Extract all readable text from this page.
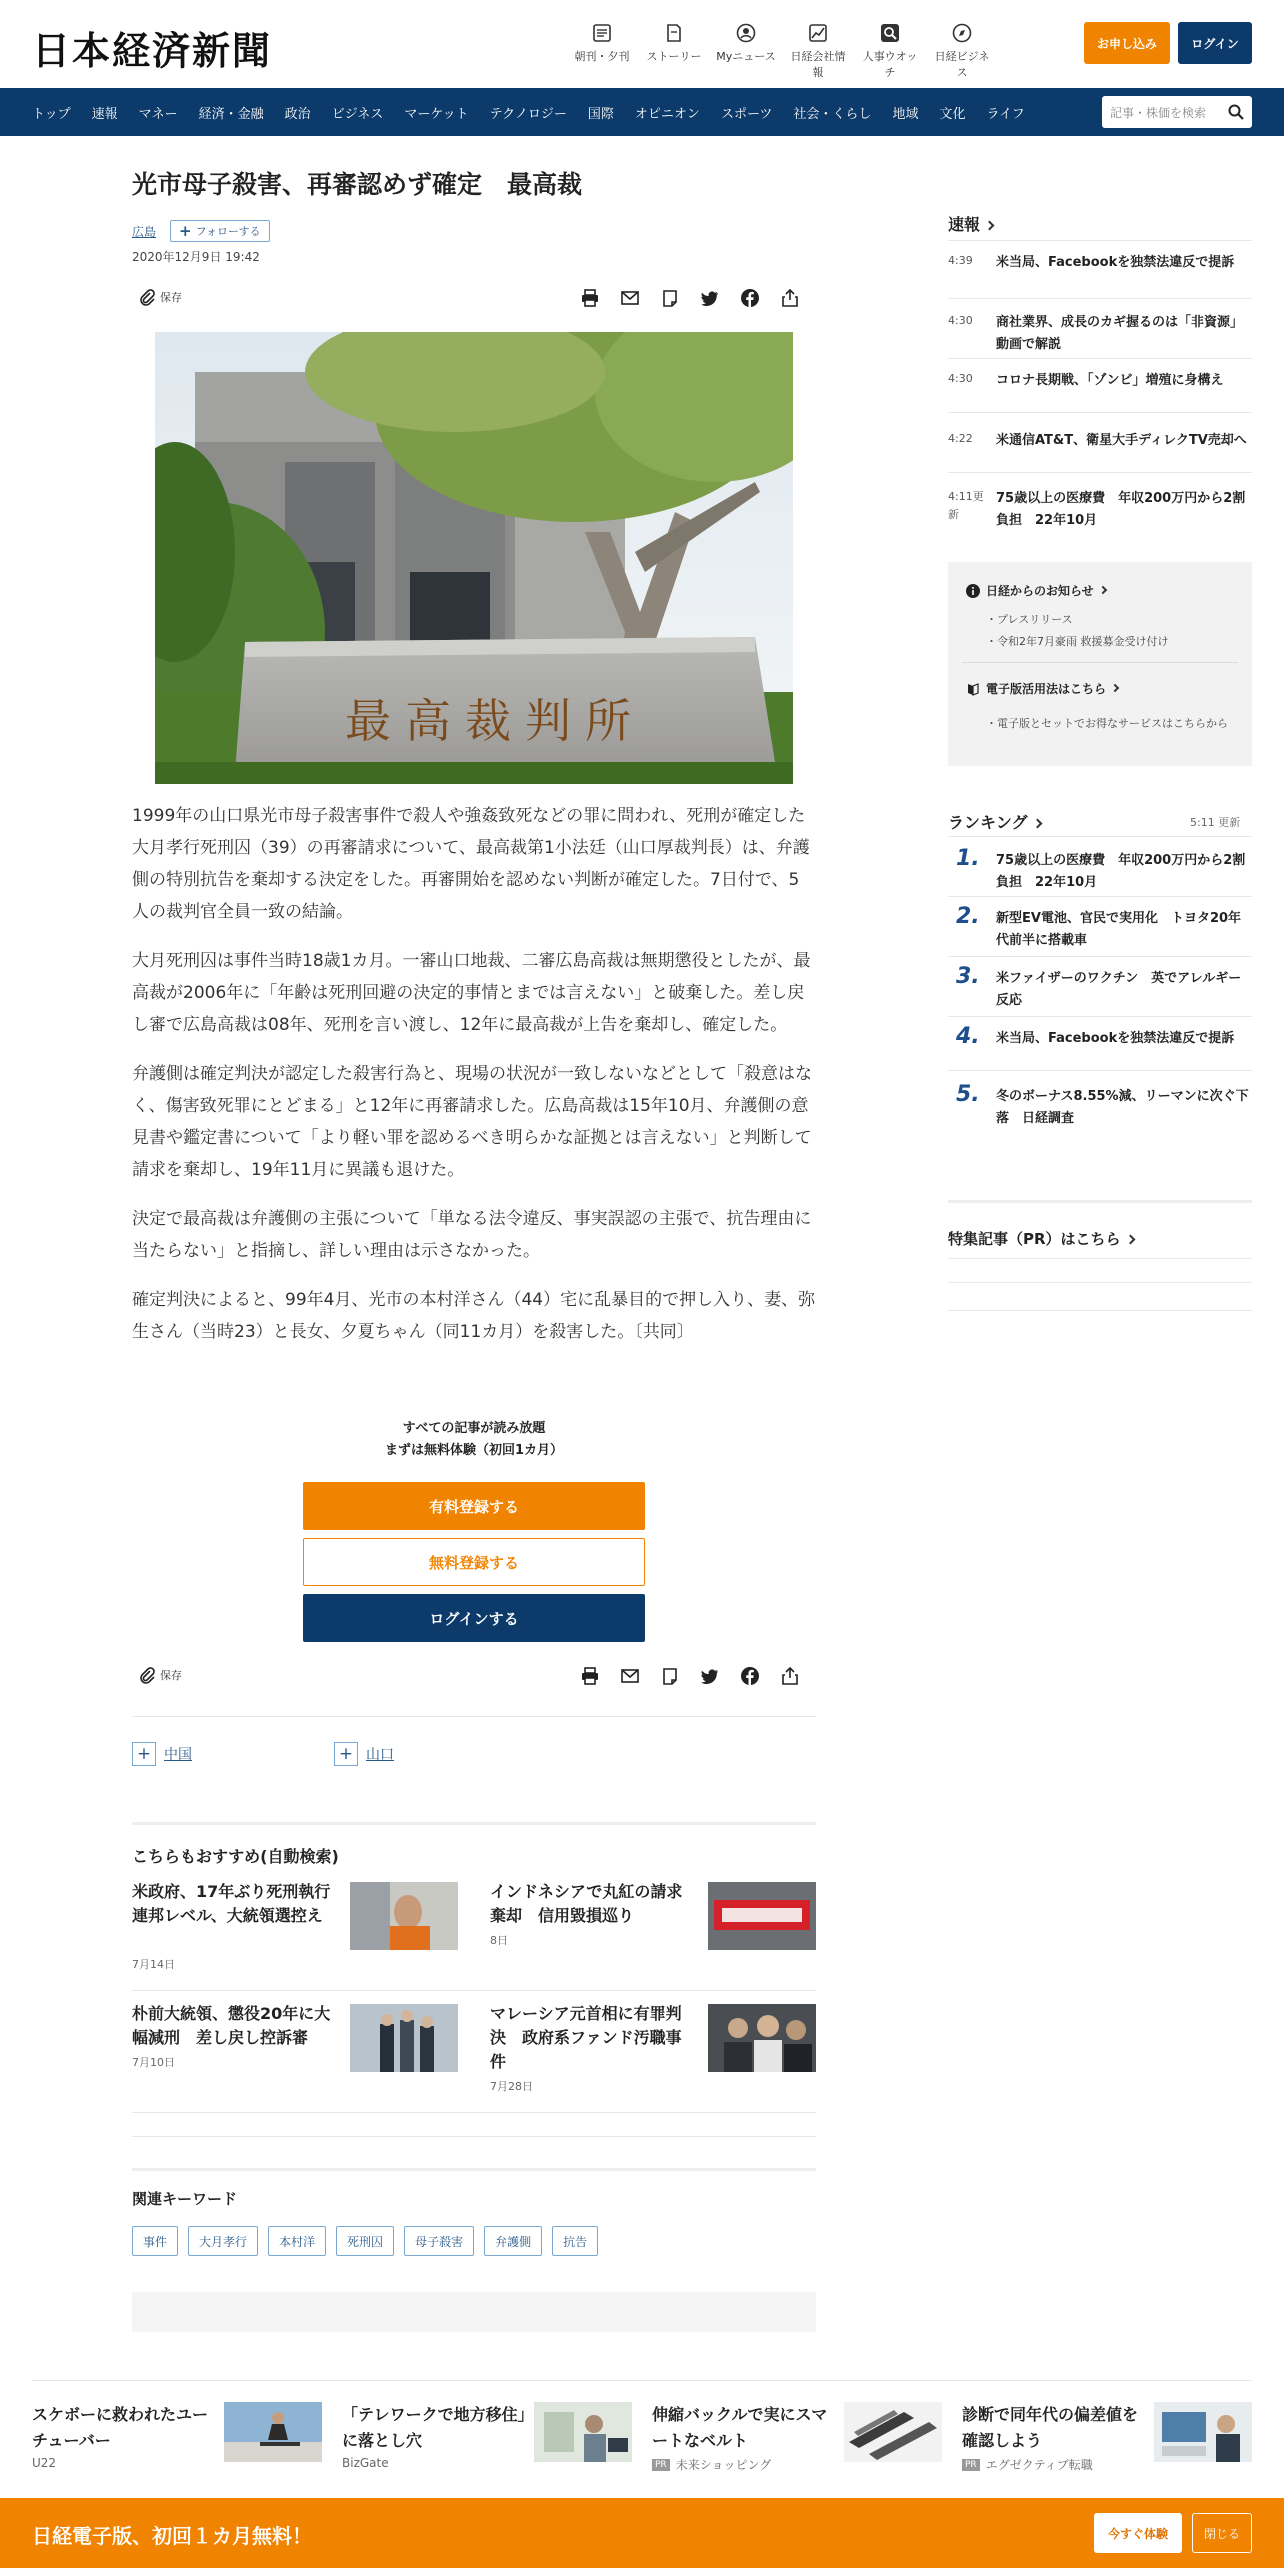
日本経済新聞	朝刊・夕刊	ストーリー	Myニュース	日経会社情報
人事ウオッチ
日経ビジネス
お申し込み	ログイン
トップ 速報 マネー 経済・金融 政治 ビジネス マーケット テクノロジー 国際 オピニオン スポーツ 社会・くらし 地域 文化 ライフ	記事・株価を検索
光市母子殺害、再審認めず確定　最高裁
広島 + フォローする
2020年12月9日 19:42
保存
最高裁判所

1999年の山口県光市母子殺害事件で殺人や強姦致死などの罪に問われ、死刑が確定した大月孝行死刑囚（39）の再審請求について、最高裁第1小法廷（山口厚裁判長）は、弁護側の特別抗告を棄却する決定をした。再審開始を認めない判断が確定した。7日付で、5人の裁判官全員一致の結論。

大月死刑囚は事件当時18歳1カ月。一審山口地裁、二審広島高裁は無期懲役としたが、最高裁が2006年に「年齢は死刑回避の決定的事情とまでは言えない」と破棄した。差し戻し審で広島高裁は08年、死刑を言い渡し、12年に最高裁が上告を棄却し、確定した。

弁護側は確定判決が認定した殺害行為と、現場の状況が一致しないなどとして「殺意はなく、傷害致死罪にとどまる」と12年に再審請求した。広島高裁は15年10月、弁護側の意見書や鑑定書について「より軽い罪を認めるべき明らかな証拠とは言えない」と判断して請求を棄却し、19年11月に異議も退けた。

決定で最高裁は弁護側の主張について「単なる法令違反、事実誤認の主張で、抗告理由に当たらない」と指摘し、詳しい理由は示さなかった。

確定判決によると、99年4月、光市の本村洋さん（44）宅に乱暴目的で押し入り、妻、弥生さん（当時23）と長女、夕夏ちゃん（同11カ月）を殺害した。〔共同〕

すべての記事が読み放題
まずは無料体験（初回1カ月）
有料登録する
無料登録する
ログインする
保存
+ 中国	+ 山口
こちらもおすすめ(自動検索)
米政府、17年ぶり死刑執行　連邦レベル、大統領選控え
7月14日
インドネシアで丸紅の請求棄却　信用毀損巡り
8日
朴前大統領、懲役20年に大幅減刑　差し戻し控訴審
7月10日
マレーシア元首相に有罪判決　政府系ファンド汚職事件
7月28日
関連キーワード
事件	大月孝行	本村洋	死刑囚	母子殺害	弁護側	抗告
速報
4:39	米当局、Facebookを独禁法違反で提訴
4:30	商社業界、成長のカギ握るのは「非資源」　動画で解説
4:30	コロナ長期戦、「ゾンビ」増殖に身構え
4:22	米通信AT&T、衛星大手ディレクTV売却へ
4:11更新
75歳以上の医療費　年収200万円から2割負担　22年10月
日経からのお知らせ
・プレスリリース
・令和2年7月豪雨 救援募金受け付け
電子版活用法はこちら
・電子版とセットでお得なサービスはこちらから
ランキング	5:11 更新
1. 75歳以上の医療費　年収200万円から2割負担　22年10月
2. 新型EV電池、官民で実用化　トヨタ20年代前半に搭載車
3. 米ファイザーのワクチン　英でアレルギー反応
4. 米当局、Facebookを独禁法違反で提訴
5. 冬のボーナス8.55%減、リーマンに次ぐ下落　日経調査
特集記事（PR）はこちら
スケボーに救われたユーチューバー
U22
「テレワークで地方移住」に落とし穴
BizGate
伸縮バックルで実にスマートなベルト
PR 未来ショッピング
診断で同年代の偏差値を確認しよう
PR エグゼクティブ転職
日経電子版、初回１カ月無料！	今すぐ体験	閉じる
